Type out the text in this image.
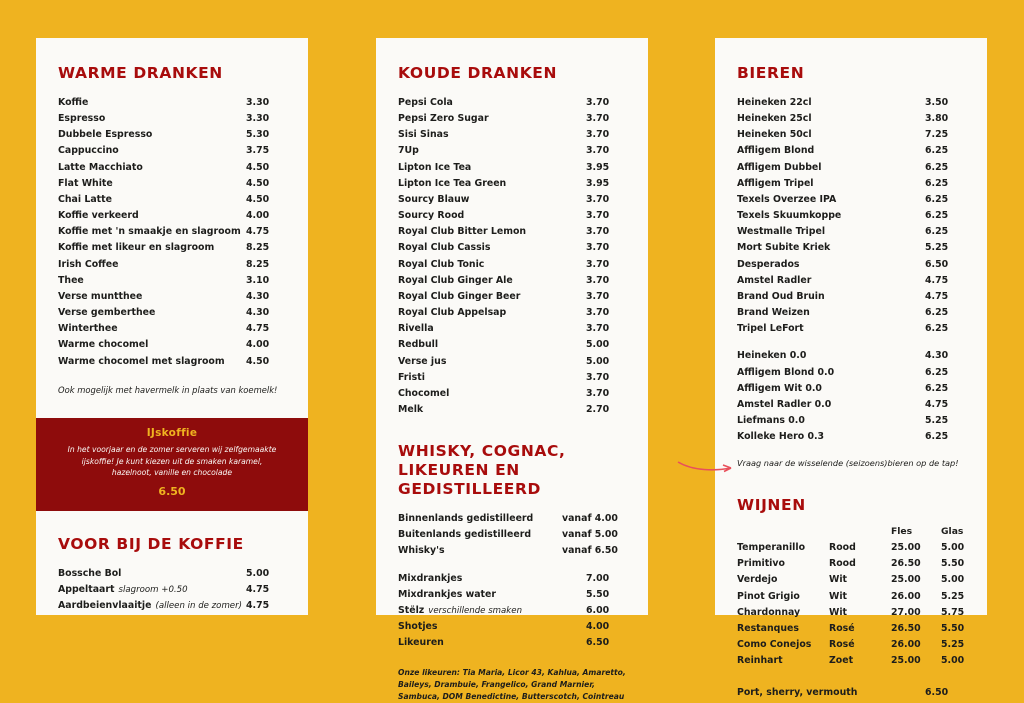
WARME DRANKEN
Koffie	3.30
Espresso	3.30
Dubbele Espresso	5.30
Cappuccino	3.75
Latte Macchiato	4.50
Flat White	4.50
Chai Latte	4.50
Koffie verkeerd	4.00
Koffie met 'n smaakje en slagroom 4.75
Koffie met likeur en slagroom	8.25
Irish Coffee	8.25
Thee	3.10
Verse muntthee	4.30
Verse gemberthee	4.30
Winterthee	4.75
Warme chocomel	4.00
Warme chocomel met slagroom 4.50
Ook mogelijk met havermelk in plaats van koemelk!
IJskoffie
In het voorjaar en de zomer serveren wij zelfgemaakte ijskoffie! Je kunt kiezen uit de smaken karamel, hazelnoot, vanille en chocolade
6.50
VOOR BIJ DE KOFFIE
Bossche Bol	5.00
Appeltaart slagroom +0.50	4.75
Aardbeienvlaaitje (alleen in de zomer) 4.75
KOUDE DRANKEN
Pepsi Cola	3.70
Pepsi Zero Sugar	3.70
Sisi Sinas	3.70
7Up	3.70
Lipton Ice Tea	3.95
Lipton Ice Tea Green	3.95
Sourcy Blauw	3.70
Sourcy Rood	3.70
Royal Club Bitter Lemon	3.70
Royal Club Cassis	3.70
Royal Club Tonic	3.70
Royal Club Ginger Ale	3.70
Royal Club Ginger Beer	3.70
Royal Club Appelsap	3.70
Rivella	3.70
Redbull	5.00
Verse jus	5.00
Fristi	3.70
Chocomel	3.70
Melk	2.70
WHISKY, COGNAC, LIKEUREN EN GEDISTILLEERD
Binnenlands gedistilleerd	vanaf 4.00
Buitenlands gedistilleerd	vanaf 5.00
Whisky's	vanaf 6.50
Mixdrankjes	7.00
Mixdrankjes water	5.50
Stëlz verschillende smaken	6.00
Shotjes	4.00
Likeuren	6.50
Onze likeuren: Tia Maria, Licor 43, Kahlua, Amaretto, Baileys, Drambuie, Frangelico, Grand Marnier, Sambuca, DOM Benedictine, Butterscotch, Cointreau
BIEREN
Heineken 22cl	3.50
Heineken 25cl	3.80
Heineken 50cl	7.25
Affligem Blond	6.25
Affligem Dubbel	6.25
Affligem Tripel	6.25
Texels Overzee IPA	6.25
Texels Skuumkoppe	6.25
Westmalle Tripel	6.25
Mort Subite Kriek	5.25
Desperados	6.50
Amstel Radler	4.75
Brand Oud Bruin	4.75
Brand Weizen	6.25
Tripel LeFort	6.25
Heineken 0.0	4.30
Affligem Blond 0.0	6.25
Affligem Wit 0.0	6.25
Amstel Radler 0.0	4.75
Liefmans 0.0	5.25
Kolleke Hero 0.3	6.25
Vraag naar de wisselende (seizoens)bieren op de tap!
WIJNEN
Fles	Glas
Temperanillo	Rood	25.00	5.00
Primitivo	Rood	26.50	5.50
Verdejo	Wit	25.00	5.00
Pinot Grigio	Wit	26.00	5.25
Chardonnay	Wit	27.00	5.75
Restanques	Rosé	26.50	5.50
Como Conejos	Rosé	26.00	5.25
Reinhart	Zoet	25.00	5.00
Port, sherry, vermouth	6.50
